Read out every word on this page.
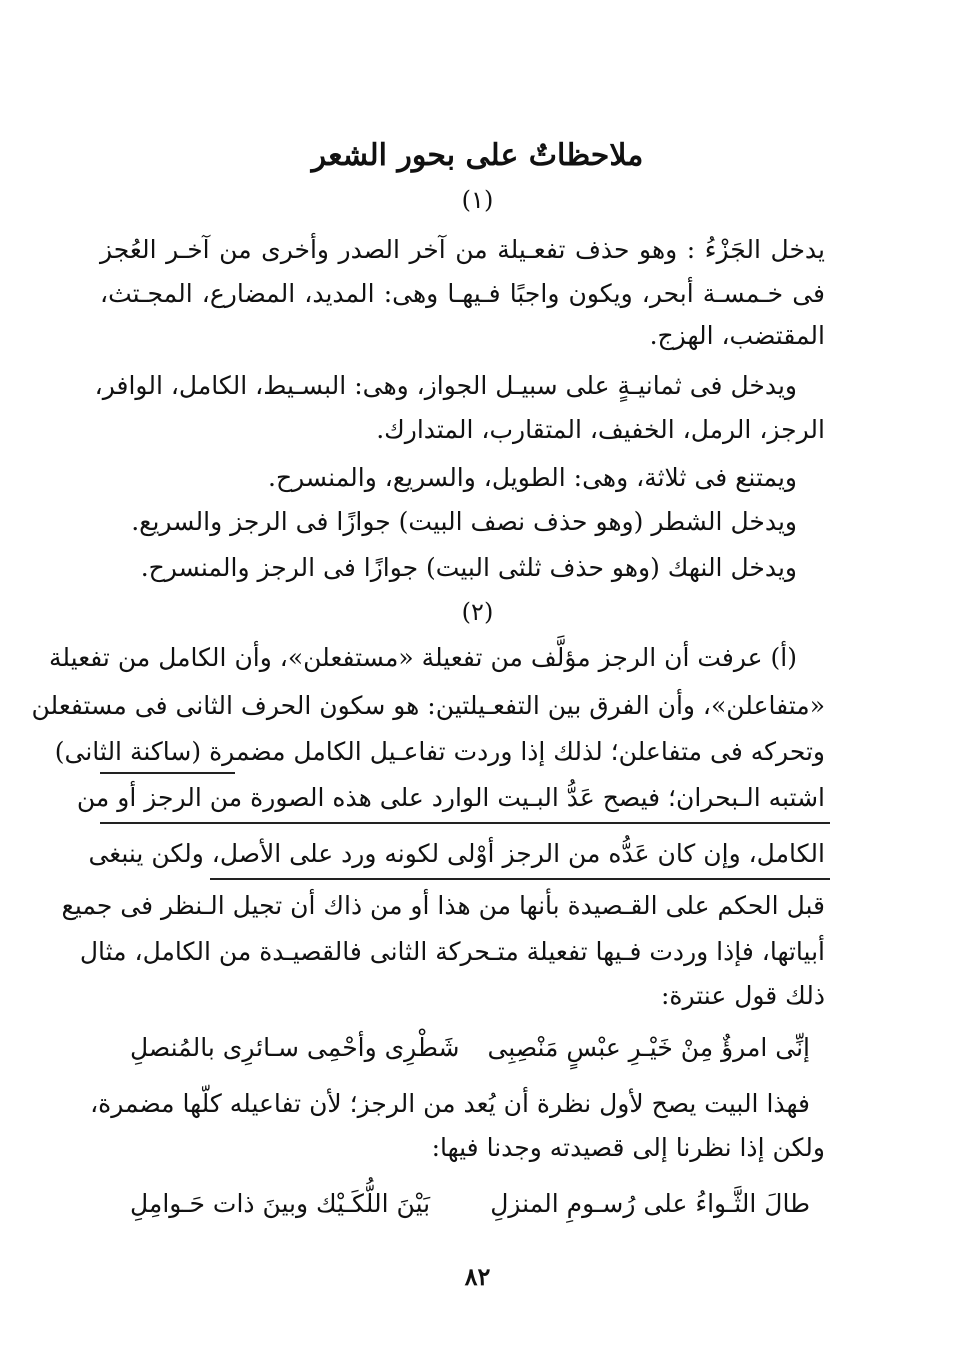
ملاحظاتٌ على بحور الشعر
(١)
يدخل الجَزْءُ : وهو حذف تفعـيلة من آخر الصدر وأخرى من آخـر العُجز
فى خـمسـة أبحر، ويكون واجبًا فـيهـا وهى: المديد، المضارع، المجـتث،
المقتضب، الهزج.
ويدخل فى ثمانيـةٍ على سبيـل الجواز، وهى: البسـيط، الكامل، الوافر،
الرجز، الرمل، الخفيف، المتقارب، المتدارك.
ويمتنع فى ثلاثة، وهى: الطويل، والسريع، والمنسرح.
ويدخل الشطر (وهو حذف نصف البيت) جوازًا فى الرجز والسريع.
ويدخل النهك (وهو حذف ثلثى البيت) جوازًا فى الرجز والمنسرح.
(٢)
(أ) عرفت أن الرجز مؤلَّف من تفعيلة «مستفعلن»، وأن الكامل من تفعيلة
«متفاعلن»، وأن الفرق بين التفعـيلتين: هو سكون الحرف الثانى فى مستفعلن
وتحركه فى متفاعلن؛ لذلك إذا وردت تفاعـيل الكامل مضمرة (ساكنة الثانى)
اشتبه الـبحران؛ فيصح عَدُّ البـيت الوارد على هذه الصورة من الرجز أو من
الكامل، وإن كان عَدُّه من الرجز أوْلى لكونه ورد على الأصل، ولكن ينبغى
قبل الحكم على القـصيدة بأنها من هذا أو من ذاك أن تجيل الـنظر فى جميع
أبياتها، فإذا وردت فـيها تفعيلة متـحركة الثانى فالقصيـدة من الكامل، مثال
ذلك قول عنترة:
إنِّى امرؤٌ مِنْ خَيْـرِ عبْسٍ مَنْصِبِى
شَطْرِى وأحْمِى سـائرِى بالمُنصلِ
فهذا البيت يصح لأول نظرة أن يُعد من الرجز؛ لأن تفاعيله كلّها مضمرة،
ولكن إذا نظرنا إلى قصيدته وجدنا فيها:
طالَ الثَّـواءُ على رُسـومِ المنزلِ
بَيْنَ اللُّكَـيْك وبينَ ذات حَـوامِلِ
٨٢
